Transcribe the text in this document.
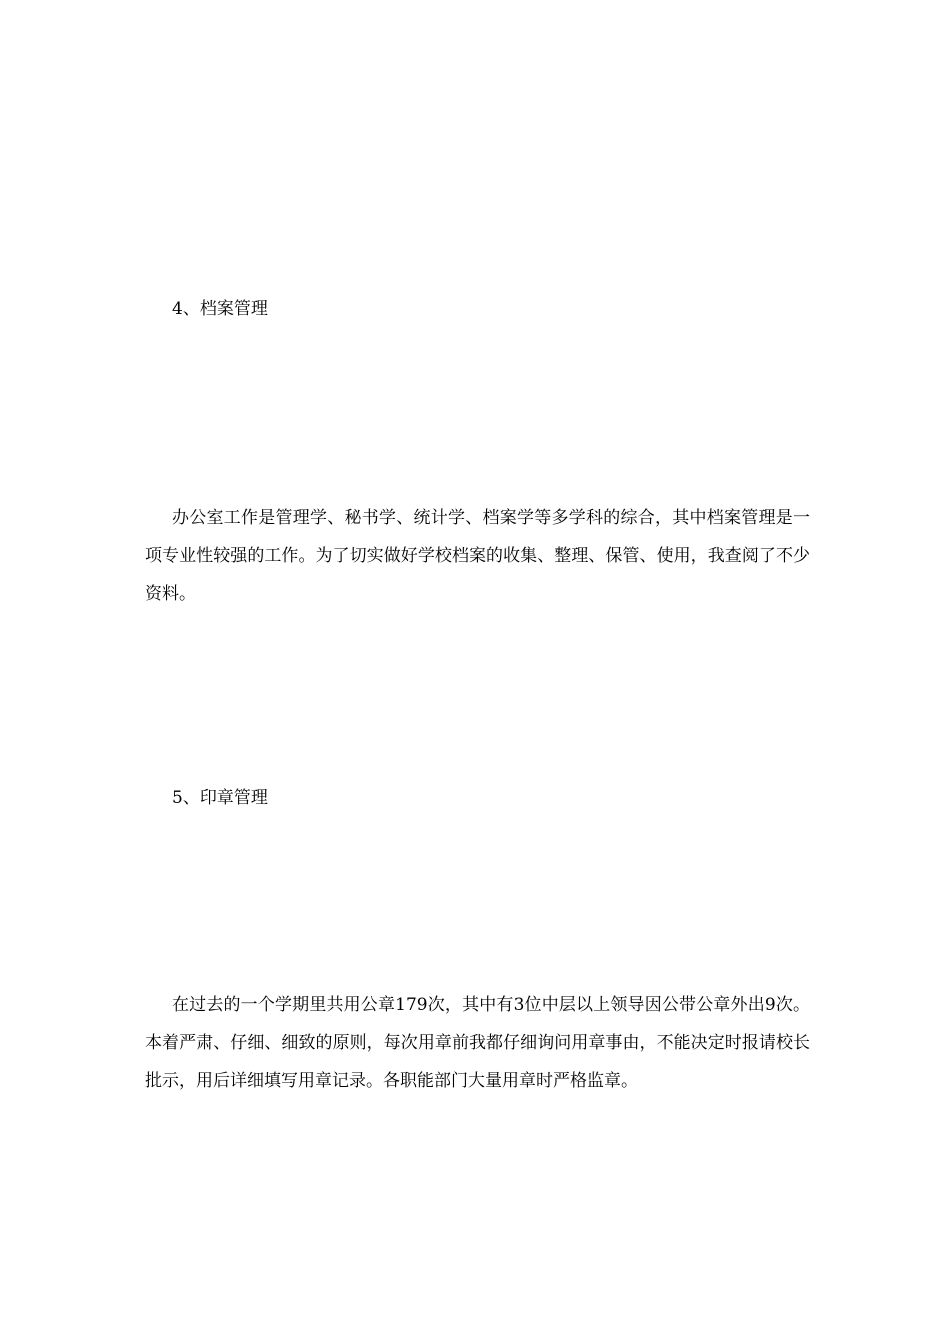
4、档案管理

办公室工作是管理学、秘书学、统计学、档案学等多学科的综合，其中档案管理是一项专业性较强的工作。为了切实做好学校档案的收集、整理、保管、使用，我查阅了不少资料。

5、印章管理

在过去的一个学期里共用公章179次，其中有3位中层以上领导因公带公章外出9次。本着严肃、仔细、细致的原则，每次用章前我都仔细询问用章事由，不能决定时报请校长批示，用后详细填写用章记录。各职能部门大量用章时严格监章。
